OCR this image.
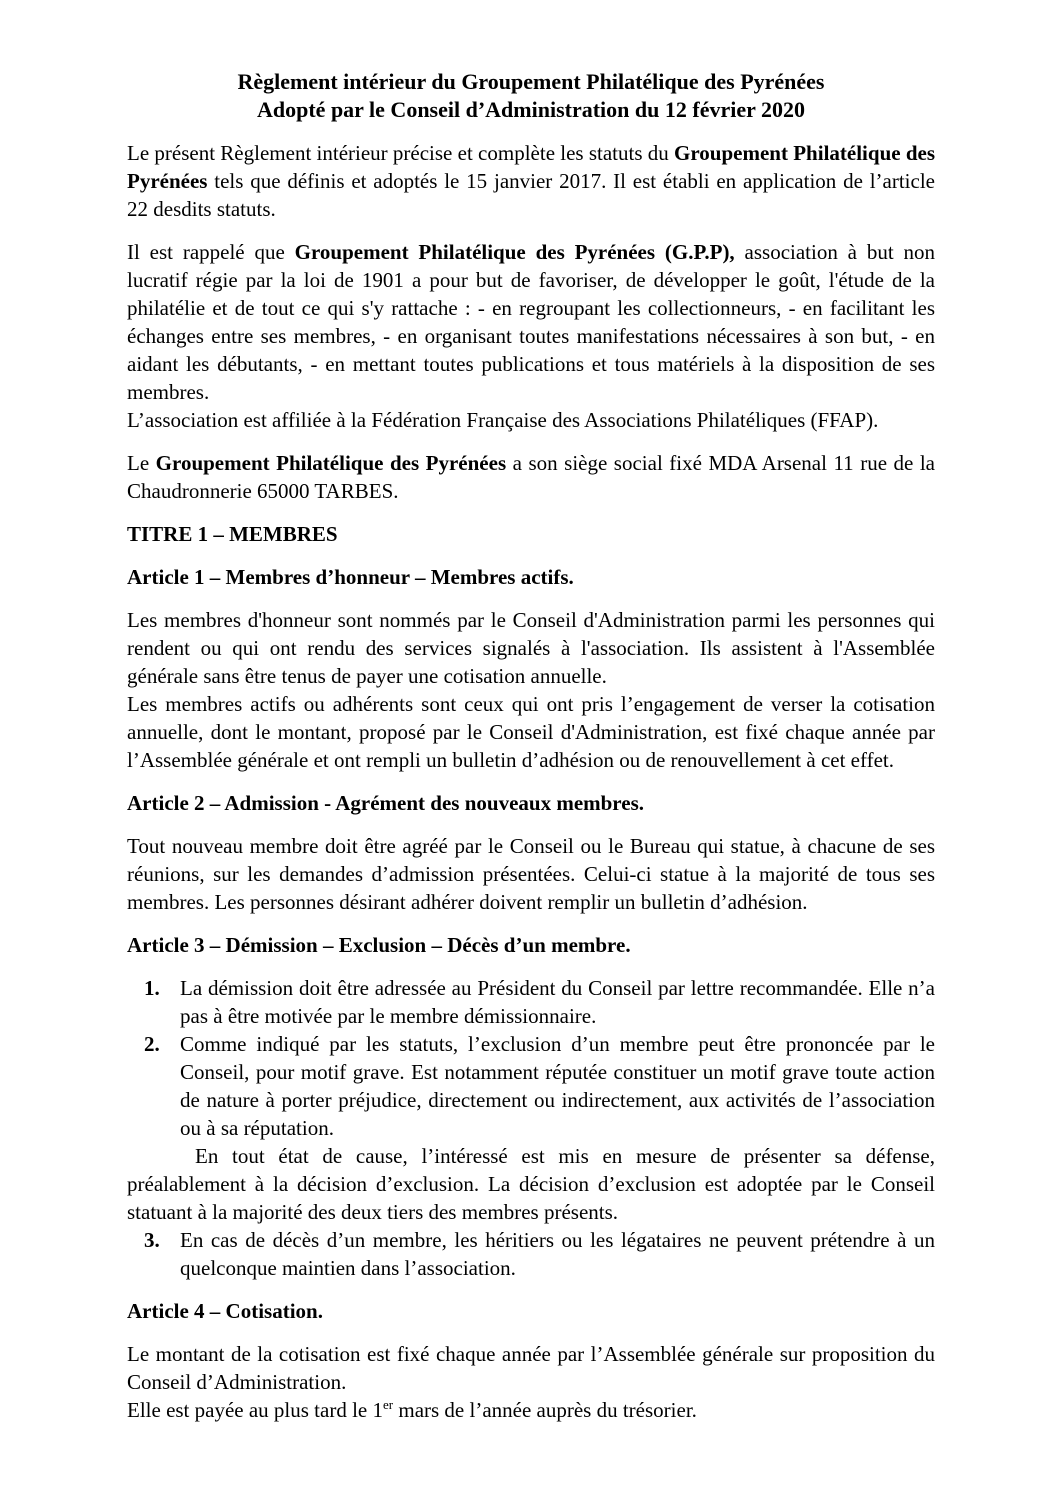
Règlement intérieur du Groupement Philatélique des Pyrénées
Adopté par le Conseil d’Administration du 12 février 2020

Le présent Règlement intérieur précise et complète les statuts du Groupement Philatélique des Pyrénées tels que définis et adoptés le 15 janvier 2017. Il est établi en application de l’article 22 desdits statuts.

Il est rappelé que Groupement Philatélique des Pyrénées (G.P.P), association à but non lucratif régie par la loi de 1901 a pour but de favoriser, de développer le goût, l'étude de la philatélie et de tout ce qui s'y rattache : - en regroupant les collectionneurs, - en facilitant les échanges entre ses membres, - en organisant toutes manifestations nécessaires à son but, - en aidant les débutants, - en mettant toutes publications et tous matériels à la disposition de ses membres.

L’association est affiliée à la Fédération Française des Associations Philatéliques (FFAP).

Le Groupement Philatélique des Pyrénées a son siège social fixé MDA Arsenal 11 rue de la Chaudronnerie 65000 TARBES.

TITRE 1 – MEMBRES
Article 1 – Membres d’honneur – Membres actifs.

Les membres d'honneur sont nommés par le Conseil d'Administration parmi les personnes qui rendent ou qui ont rendu des services signalés à l'association. Ils assistent à l'Assemblée générale sans être tenus de payer une cotisation annuelle.

Les membres actifs ou adhérents sont ceux qui ont pris l’engagement de verser la cotisation annuelle, dont le montant, proposé par le Conseil d'Administration, est fixé chaque année par l’Assemblée générale et ont rempli un bulletin d’adhésion ou de renouvellement à cet effet.

Article 2 – Admission - Agrément des nouveaux membres.

Tout nouveau membre doit être agréé par le Conseil ou le Bureau qui statue, à chacune de ses réunions, sur les demandes d’admission présentées. Celui-ci statue à la majorité de tous ses membres. Les personnes désirant adhérer doivent remplir un bulletin d’adhésion.

Article 3 – Démission – Exclusion – Décès d’un membre.
1. La démission doit être adressée au Président du Conseil par lettre recommandée. Elle n’a pas à être motivée par le membre démissionnaire.
2. Comme indiqué par les statuts, l’exclusion d’un membre peut être prononcée par le Conseil, pour motif grave. Est notamment réputée constituer un motif grave toute action de nature à porter préjudice, directement ou indirectement, aux activités de l’association ou à sa réputation.

En tout état de cause, l’intéressé est mis en mesure de présenter sa défense, préalablement à la décision d’exclusion. La décision d’exclusion est adoptée par le Conseil statuant à la majorité des deux tiers des membres présents.

3. En cas de décès d’un membre, les héritiers ou les légataires ne peuvent prétendre à un quelconque maintien dans l’association.
Article 4 – Cotisation.

Le montant de la cotisation est fixé chaque année par l’Assemblée générale sur proposition du Conseil d’Administration.

Elle est payée au plus tard le 1er mars de l’année auprès du trésorier.
